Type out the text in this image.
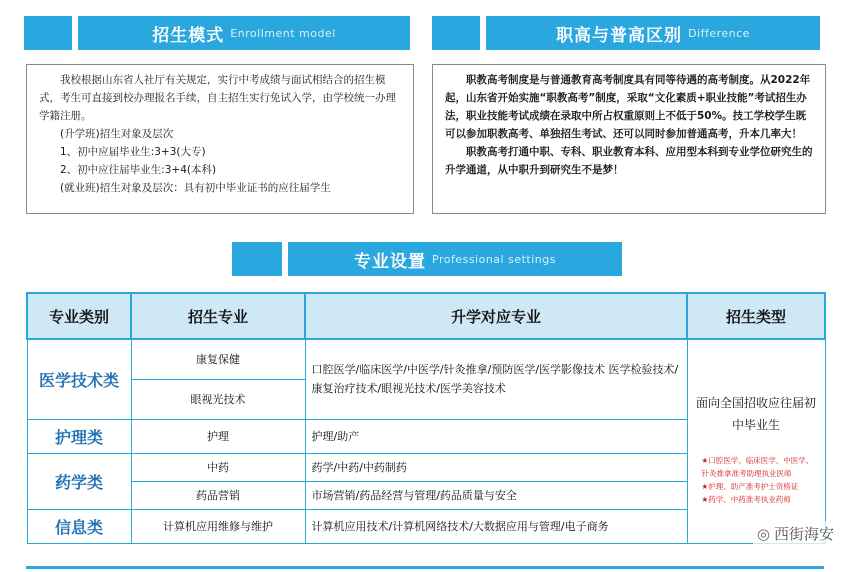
招生模式 Enrollment model	职高与普高区别 Difference

我校根据山东省人社厅有关规定，实行中考成绩与面试相结合的招生模式，考生可直接到校办理报名手续，自主招生实行免试入学，由学校统一办理学籍注册。

(升学班)招生对象及层次

1、初中应届毕业生:3+3(大专)

2、初中应往届毕业生:3+4(本科)

(就业班)招生对象及层次：具有初中毕业证书的应往届学生

职教高考制度是与普通教育高考制度具有同等待遇的高考制度。从2022年起，山东省开始实施“职教高考”制度，采取“文化素质+职业技能”考试招生办法，职业技能考试成绩在录取中所占权重原则上不低于50%。技工学校学生既可以参加职教高考、单独招生考试、还可以同时参加普通高考，升本几率大！

职教高考打通中职、专科、职业教育本科、应用型本科到专业学位研究生的升学通道，从中职升到研究生不是梦！

专业设置 Professional settings
专业类别	招生专业	升学对应专业	招生类型
医学技术类	康复保健	口腔医学/临床医学/中医学/针灸推拿/预防医学/医学影像技术 医学检验技术/康复治疗技术/眼视光技术/医学美容技术	面向全国招收应往届初中毕业生
★口腔医学、临床医学、中医学、针灸推拿准考助理执业医师
★护理、助产准考护士资格证
★药学、中药准考执业药师

	眼视光技术		
护理类	护理	护理/助产	
药学类	中药	药学/中药/中药制药	
	药品营销	市场营销/药品经营与管理/药品质量与安全	
信息类	计算机应用维修与维护	计算机应用技术/计算机网络技术/大数据应用与管理/电子商务		◎ 西街海安
